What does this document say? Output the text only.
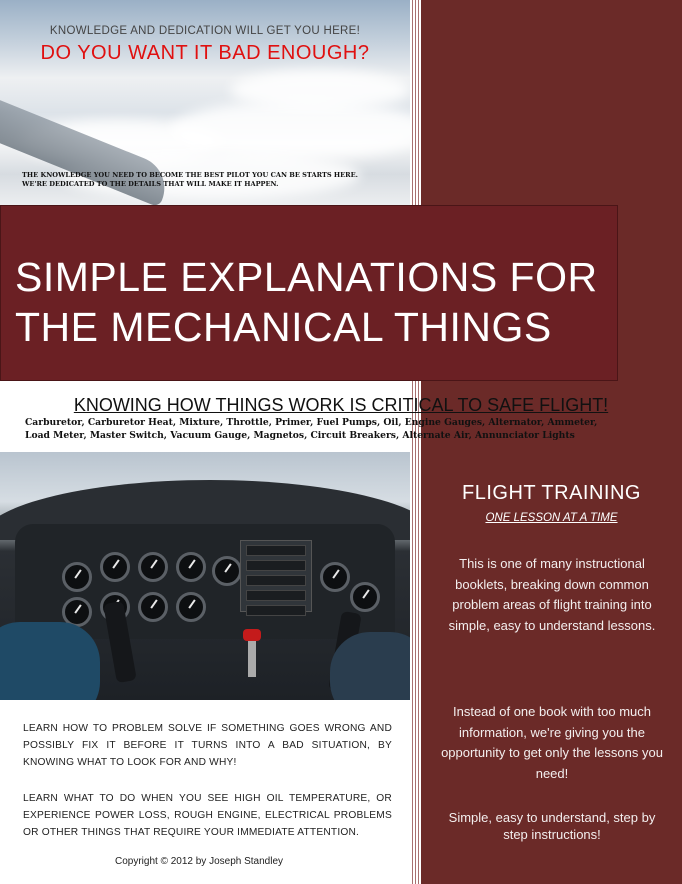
KNOWLEDGE AND DEDICATION WILL GET YOU HERE!
DO YOU WANT IT BAD ENOUGH?
THE KNOWLEDGE YOU NEED TO BECOME THE BEST PILOT YOU CAN BE STARTS HERE.
WE'RE DEDICATED TO THE DETAILS THAT WILL MAKE IT HAPPEN.
SIMPLE EXPLANATIONS FOR
THE MECHANICAL THINGS
KNOWING HOW THINGS WORK IS CRITICAL TO SAFE FLIGHT!
Carburetor, Carburetor Heat, Mixture, Throttle, Primer, Fuel Pumps, Oil, Engine Gauges, Alternator, Ammeter,
Load Meter, Master Switch, Vacuum Gauge, Magnetos, Circuit Breakers, Alternate Air, Annunciator Lights
LEARN HOW TO PROBLEM SOLVE IF SOMETHING GOES WRONG AND POSSIBLY FIX IT BEFORE IT TURNS INTO A BAD SITUATION, BY KNOWING WHAT TO LOOK FOR AND WHY!
LEARN WHAT TO DO WHEN YOU SEE HIGH OIL TEMPERATURE, OR EXPERIENCE POWER LOSS, ROUGH ENGINE, ELECTRICAL PROBLEMS OR OTHER THINGS THAT REQUIRE YOUR IMMEDIATE ATTENTION.
Copyright © 2012 by Joseph Standley
FLIGHT TRAINING
ONE LESSON AT A TIME
This is one of many instructional booklets, breaking down common problem areas of flight training into simple, easy to understand lessons.
Instead of one book with too much information, we're giving you the opportunity to get only the lessons you need!
Simple, easy to understand, step by step instructions!
